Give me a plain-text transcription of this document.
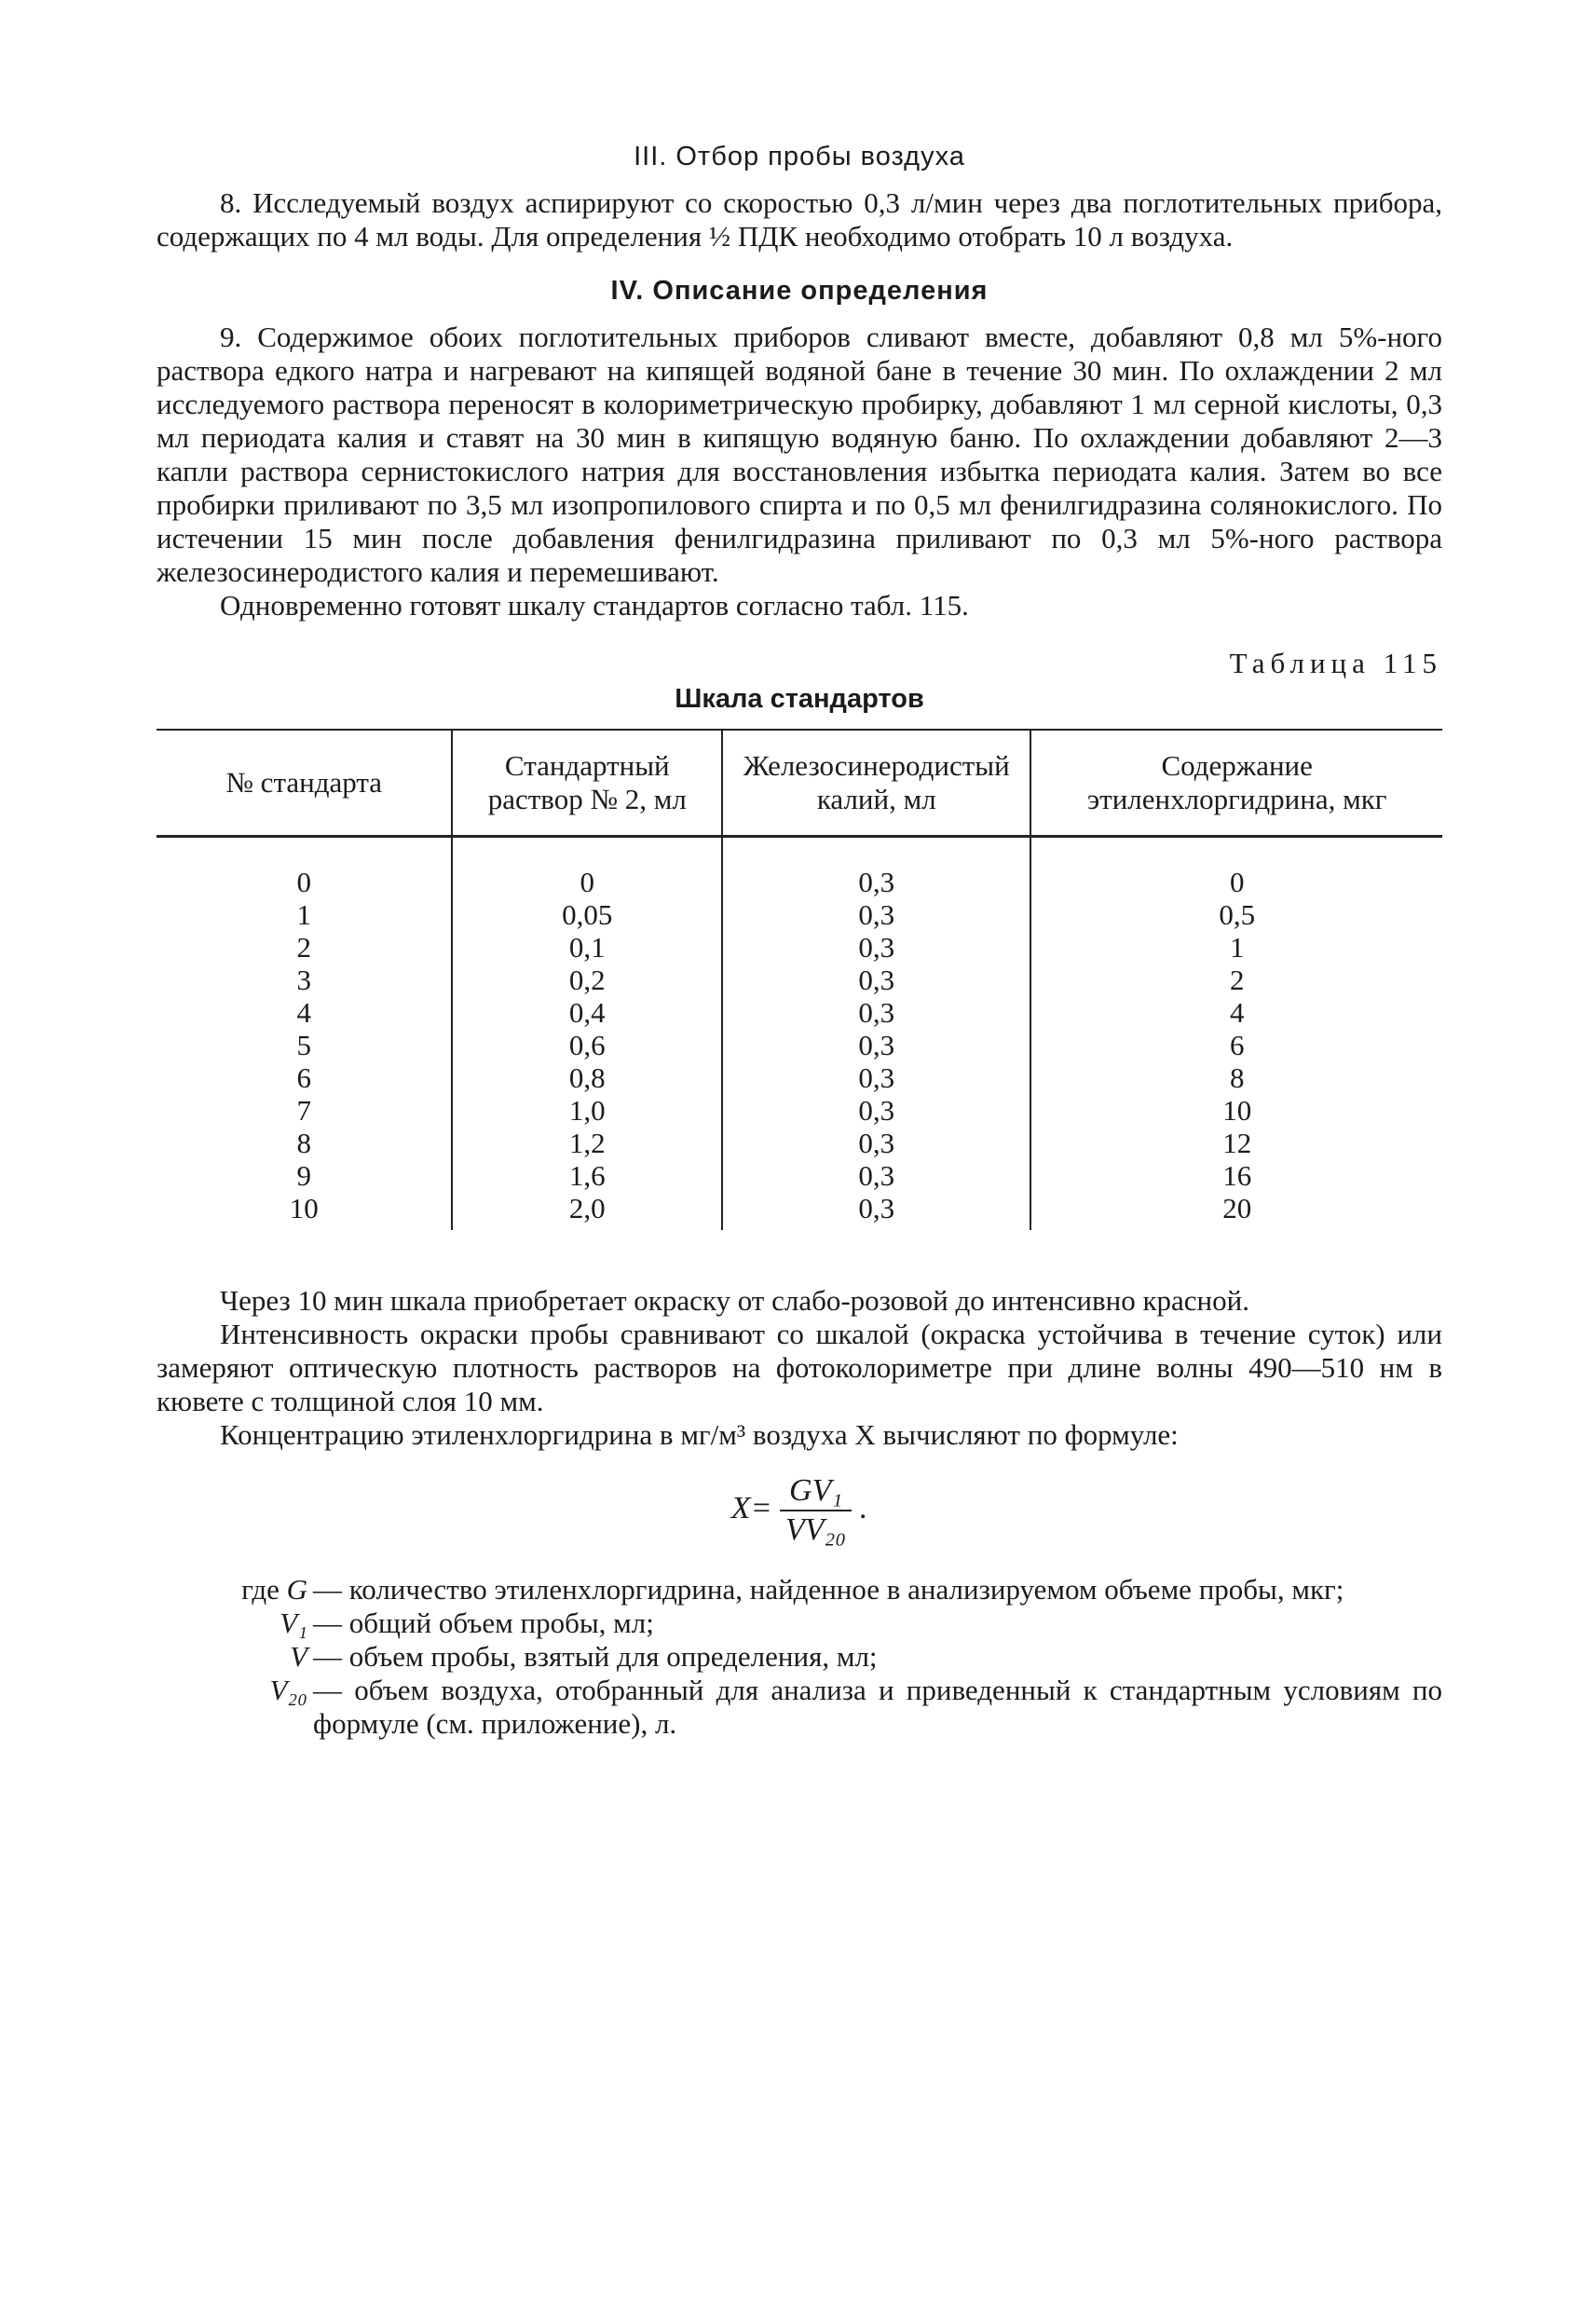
III. Отбор пробы воздуха

8. Исследуемый воздух аспирируют со скоростью 0,3 л/мин через два поглотительных прибора, содержащих по 4 мл воды. Для определения ½ ПДК необходимо отобрать 10 л воздуха.

IV. Описание определения

9. Содержимое обоих поглотительных приборов сливают вместе, добавляют 0,8 мл 5%-ного раствора едкого натра и нагревают на кипящей водяной бане в течение 30 мин. По охлаждении 2 мл исследуемого раствора переносят в колориметрическую пробирку, добавляют 1 мл серной кислоты, 0,3 мл периодата калия и ставят на 30 мин в кипящую водяную баню. По охлаждении добавляют 2—3 капли раствора сернистокислого натрия для восстановления избытка периодата калия. Затем во все пробирки приливают по 3,5 мл изопропилового спирта и по 0,5 мл фенилгидразина солянокислого. По истечении 15 мин после добавления фенилгидразина приливают по 0,3 мл 5%-ного раствора железосинеродистого калия и перемешивают.

Одновременно готовят шкалу стандартов согласно табл. 115.

Таблица 115
Шкала стандартов
№ стандарта	Стандартный раствор № 2, мл	Железосинеродистый калий, мл	Содержание этиленхлоргидрина, мкг
0	0	0,3	0
1	0,05	0,3	0,5
2	0,1	0,3	1
3	0,2	0,3	2
4	0,4	0,3	4
5	0,6	0,3	6
6	0,8	0,3	8
7	1,0	0,3	10
8	1,2	0,3	12
9	1,6	0,3	16
10	2,0	0,3	20

Через 10 мин шкала приобретает окраску от слабо-розовой до интенсивно красной.

Интенсивность окраски пробы сравнивают со шкалой (окраска устойчива в течение суток) или замеряют оптическую плотность растворов на фотоколориметре при длине волны 490—510 нм в кювете с толщиной слоя 10 мм.

Концентрацию этиленхлоргидрина в мг/м³ воздуха X вычисляют по формуле:

$X= \frac{\text{GV₁}}{\text{VV₂₀}}$ .
где G — количество этиленхлоргидрина, найденное в анализируемом объеме пробы, мкг;
V₁ — общий объем пробы, мл;
V — объем пробы, взятый для определения, мл;
V₂₀ — объем воздуха, отобранный для анализа и приведенный к стандартным условиям по формуле (см. приложение), л.
